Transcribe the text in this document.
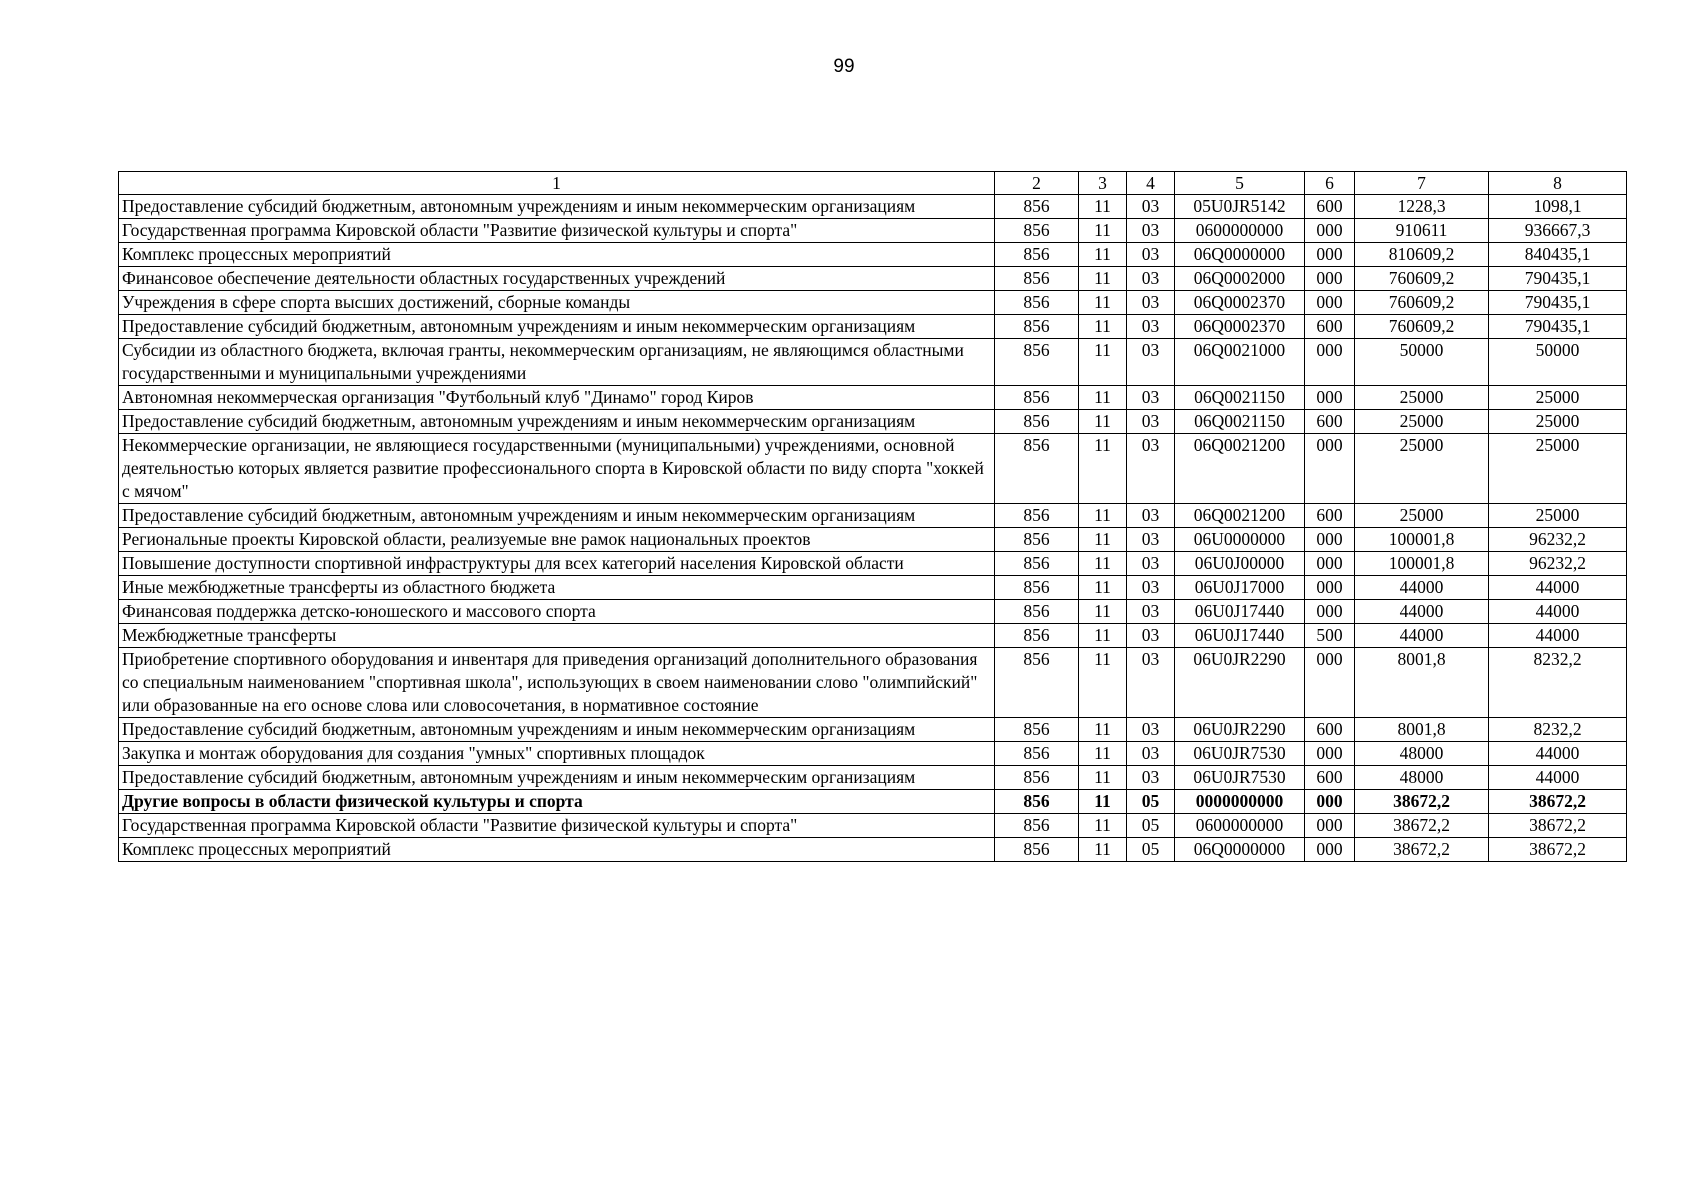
99
1	2	3	4	5	6	7	8
Предоставление субсидий бюджетным, автономным учреждениям и иным некоммерческим организациям	856	11	03	05U0JR5142	600	1228,3	1098,1
Государственная программа Кировской области "Развитие физической культуры и спорта"	856	11	03	0600000000	000	910611	936667,3
Комплекс процессных мероприятий	856	11	03	06Q0000000	000	810609,2	840435,1
Финансовое обеспечение деятельности областных государственных учреждений	856	11	03	06Q0002000	000	760609,2	790435,1
Учреждения в сфере спорта высших достижений, сборные команды	856	11	03	06Q0002370	000	760609,2	790435,1
Предоставление субсидий бюджетным, автономным учреждениям и иным некоммерческим организациям	856	11	03	06Q0002370	600	760609,2	790435,1
Субсидии из областного бюджета, включая гранты, некоммерческим организациям, не являющимся областными государственными и муниципальными учреждениями	856	11	03	06Q0021000	000	50000	50000
Автономная некоммерческая организация "Футбольный клуб "Динамо" город Киров	856	11	03	06Q0021150	000	25000	25000
Предоставление субсидий бюджетным, автономным учреждениям и иным некоммерческим организациям	856	11	03	06Q0021150	600	25000	25000
Некоммерческие организации, не являющиеся государственными (муниципальными) учреждениями, основной деятельностью которых является развитие профессионального спорта в Кировской области по виду спорта "хоккей с мячом"	856	11	03	06Q0021200	000	25000	25000
Предоставление субсидий бюджетным, автономным учреждениям и иным некоммерческим организациям	856	11	03	06Q0021200	600	25000	25000
Региональные проекты Кировской области, реализуемые вне рамок национальных проектов	856	11	03	06U0000000	000	100001,8	96232,2
Повышение доступности спортивной инфраструктуры для всех категорий населения Кировской области	856	11	03	06U0J00000	000	100001,8	96232,2
Иные межбюджетные трансферты из областного бюджета	856	11	03	06U0J17000	000	44000	44000
Финансовая поддержка детско-юношеского и массового спорта	856	11	03	06U0J17440	000	44000	44000
Межбюджетные трансферты	856	11	03	06U0J17440	500	44000	44000
Приобретение спортивного оборудования и инвентаря для приведения организаций дополнительного образования со специальным наименованием "спортивная школа", использующих в своем наименовании слово "олимпийский" или образованные на его основе слова или словосочетания, в нормативное состояние	856	11	03	06U0JR2290	000	8001,8	8232,2
Предоставление субсидий бюджетным, автономным учреждениям и иным некоммерческим организациям	856	11	03	06U0JR2290	600	8001,8	8232,2
Закупка и монтаж оборудования для создания "умных" спортивных площадок	856	11	03	06U0JR7530	000	48000	44000
Предоставление субсидий бюджетным, автономным учреждениям и иным некоммерческим организациям	856	11	03	06U0JR7530	600	48000	44000
Другие вопросы в области физической культуры и спорта	856	11	05	0000000000	000	38672,2	38672,2
Государственная программа Кировской области "Развитие физической культуры и спорта"	856	11	05	0600000000	000	38672,2	38672,2
Комплекс процессных мероприятий	856	11	05	06Q0000000	000	38672,2	38672,2
